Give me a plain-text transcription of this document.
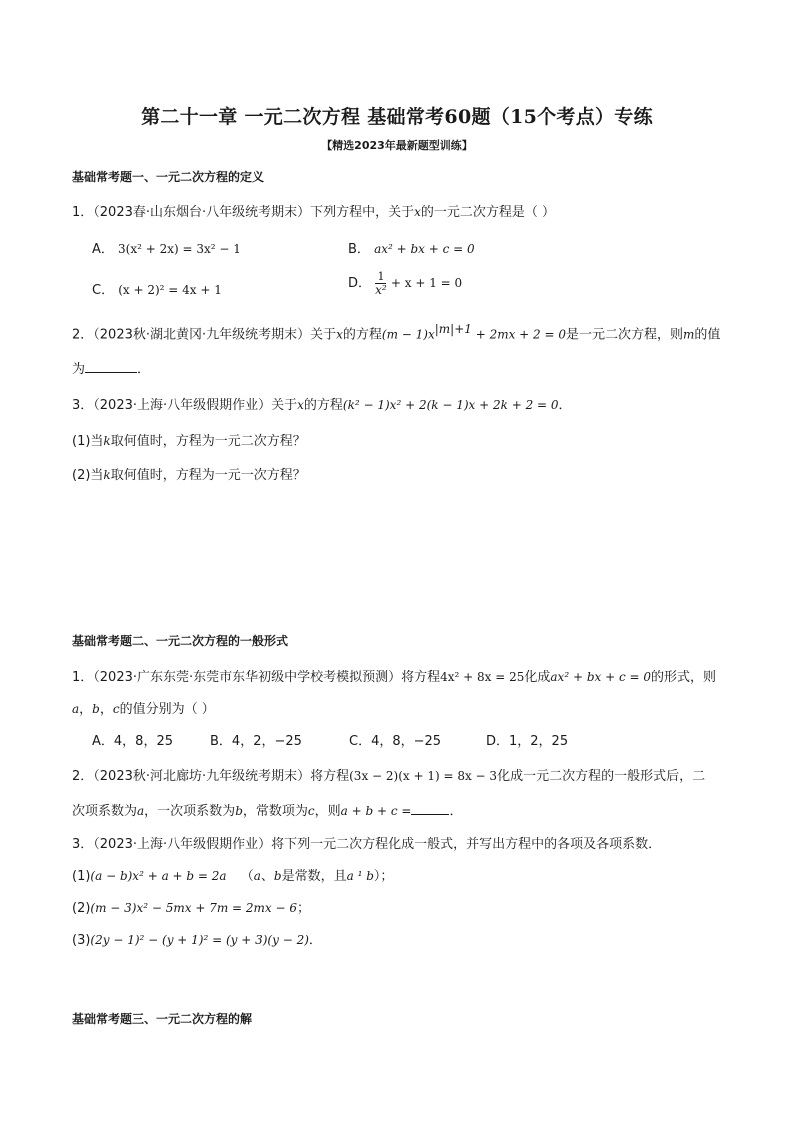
第二十一章 一元二次方程 基础常考60题（15个考点）专练
【精选2023年最新题型训练】
基础常考题一、一元二次方程的定义
1．（2023春·山东烟台·八年级统考期末）下列方程中，关于x的一元二次方程是（ ）
A． 3(x² + 2x) = 3x² − 1	B． ax² + bx + c = 0
C． (x + 2)² = 4x + 1	D． $\frac{1}{\text{x²}} + x + 1 = 0$
2．（2023秋·湖北黄冈·九年级统考期末）关于x的方程$(m - 1)x^{|m|+1} + 2mx + 2 = 0$是一元二次方程，则m的值
为	．
3．（2023·上海·八年级假期作业）关于x的方程(k² − 1)x² + 2(k − 1)x + 2k + 2 = 0．
(1)当k取何值时，方程为一元二次方程？
(2)当k取何值时，方程为一元一次方程？
基础常考题二、一元二次方程的一般形式
1．（2023·广东东莞·东莞市东华初级中学校考模拟预测）将方程4x² + 8x = 25化成ax² + bx + c = 0的形式，则
a，b，c的值分别为（ ）
A．4，8，25	B．4，2，−25	C．4，8，−25	D．1，2，25
2．（2023秋·河北廊坊·九年级统考期末）将方程(3x − 2)(x + 1) = 8x − 3化成一元二次方程的一般形式后，二
次项系数为a，一次项系数为b，常数项为c，则a + b + c =	．
3．（2023·上海·八年级假期作业）将下列一元二次方程化成一般式，并写出方程中的各项及各项系数．
(1)(a − b)x² + a + b = 2a （a、b是常数，且a ¹ b）；
(2)(m − 3)x² − 5mx + 7m = 2mx − 6；
(3)(2y − 1)² − (y + 1)² = (y + 3)(y − 2)．
基础常考题三、一元二次方程的解
